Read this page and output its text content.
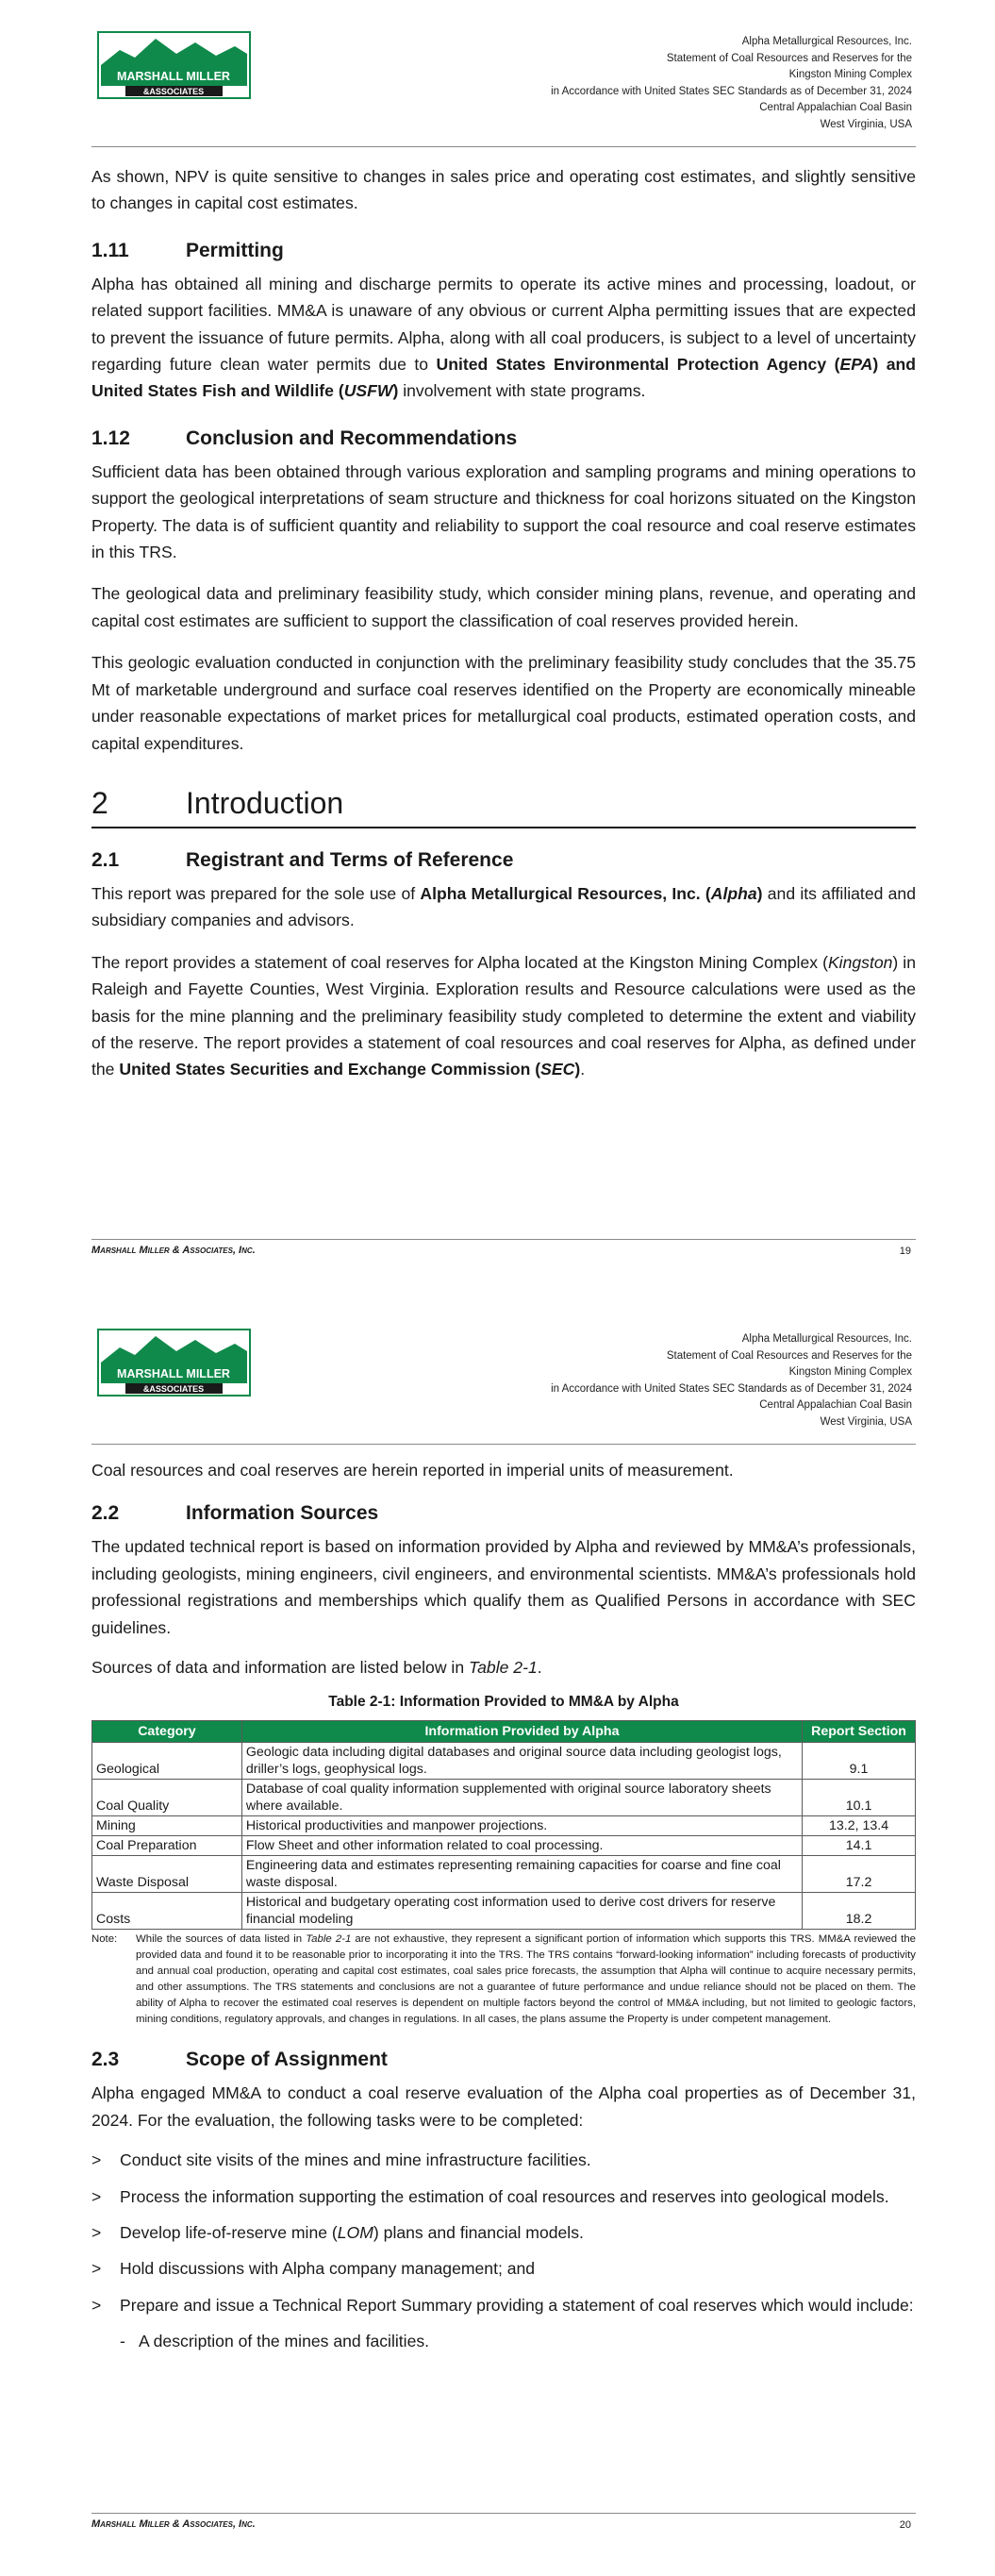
MARSHALL MILLER
&ASSOCIATES
Alpha Metallurgical Resources, Inc.
Statement of Coal Resources and Reserves for the
Kingston Mining Complex
in Accordance with United States SEC Standards as of December 31, 2024
Central Appalachian Coal Basin
West Virginia, USA

As shown, NPV is quite sensitive to changes in sales price and operating cost estimates, and slightly sensitive to changes in capital cost estimates.

1.11	Permitting

Alpha has obtained all mining and discharge permits to operate its active mines and processing, loadout, or related support facilities. MM&A is unaware of any obvious or current Alpha permitting issues that are expected to prevent the issuance of future permits. Alpha, along with all coal producers, is subject to a level of uncertainty regarding future clean water permits due to United States Environmental Protection Agency (EPA) and United States Fish and Wildlife (USFW) involvement with state programs.

1.12	Conclusion and Recommendations

Sufficient data has been obtained through various exploration and sampling programs and mining operations to support the geological interpretations of seam structure and thickness for coal horizons situated on the Kingston Property. The data is of sufficient quantity and reliability to support the coal resource and coal reserve estimates in this TRS.

The geological data and preliminary feasibility study, which consider mining plans, revenue, and operating and capital cost estimates are sufficient to support the classification of coal reserves provided herein.

This geologic evaluation conducted in conjunction with the preliminary feasibility study concludes that the 35.75 Mt of marketable underground and surface coal reserves identified on the Property are economically mineable under reasonable expectations of market prices for metallurgical coal products, estimated operation costs, and capital expenditures.

2	Introduction
2.1	Registrant and Terms of Reference

This report was prepared for the sole use of Alpha Metallurgical Resources, Inc. (Alpha) and its affiliated and subsidiary companies and advisors.

The report provides a statement of coal reserves for Alpha located at the Kingston Mining Complex (Kingston) in Raleigh and Fayette Counties, West Virginia. Exploration results and Resource calculations were used as the basis for the mine planning and the preliminary feasibility study completed to determine the extent and viability of the reserve. The report provides a statement of coal resources and coal reserves for Alpha, as defined under the United States Securities and Exchange Commission (SEC).

Marshall Miller & Associates, Inc.	19
MARSHALL MILLER
&ASSOCIATES
Alpha Metallurgical Resources, Inc.
Statement of Coal Resources and Reserves for the
Kingston Mining Complex
in Accordance with United States SEC Standards as of December 31, 2024
Central Appalachian Coal Basin
West Virginia, USA

Coal resources and coal reserves are herein reported in imperial units of measurement.

2.2	Information Sources

The updated technical report is based on information provided by Alpha and reviewed by MM&A’s professionals, including geologists, mining engineers, civil engineers, and environmental scientists. MM&A’s professionals hold professional registrations and memberships which qualify them as Qualified Persons in accordance with SEC guidelines.

Sources of data and information are listed below in Table 2-1.

Table 2-1: Information Provided to MM&A by Alpha
Category	Information Provided by Alpha	Report Section
Geological	Geologic data including digital databases and original source data including geologist logs, driller’s logs, geophysical logs.	9.1
Coal Quality	Database of coal quality information supplemented with original source laboratory sheets where available.	10.1
Mining	Historical productivities and manpower projections.	13.2, 13.4
Coal Preparation	Flow Sheet and other information related to coal processing.	14.1
Waste Disposal	Engineering data and estimates representing remaining capacities for coarse and fine coal waste disposal.	17.2
Costs	Historical and budgetary operating cost information used to derive cost drivers for reserve financial modeling	18.2
Note:	While the sources of data listed in Table 2-1 are not exhaustive, they represent a significant portion of information which supports this TRS. MM&A reviewed the provided data and found it to be reasonable prior to incorporating it into the TRS. The TRS contains “forward-looking information” including forecasts of productivity and annual coal production, operating and capital cost estimates, coal sales price forecasts, the assumption that Alpha will continue to acquire necessary permits, and other assumptions. The TRS statements and conclusions are not a guarantee of future performance and undue reliance should not be placed on them. The ability of Alpha to recover the estimated coal reserves is dependent on multiple factors beyond the control of MM&A including, but not limited to geologic factors, mining conditions, regulatory approvals, and changes in regulations. In all cases, the plans assume the Property is under competent management.
2.3	Scope of Assignment

Alpha engaged MM&A to conduct a coal reserve evaluation of the Alpha coal properties as of December 31, 2024. For the evaluation, the following tasks were to be completed:

> Conduct site visits of the mines and mine infrastructure facilities.
> Process the information supporting the estimation of coal resources and reserves into geological models.
> Develop life-of-reserve mine (LOM) plans and financial models.
> Hold discussions with Alpha company management; and
> Prepare and issue a Technical Report Summary providing a statement of coal reserves which would include:
- A description of the mines and facilities.
Marshall Miller & Associates, Inc.	20
